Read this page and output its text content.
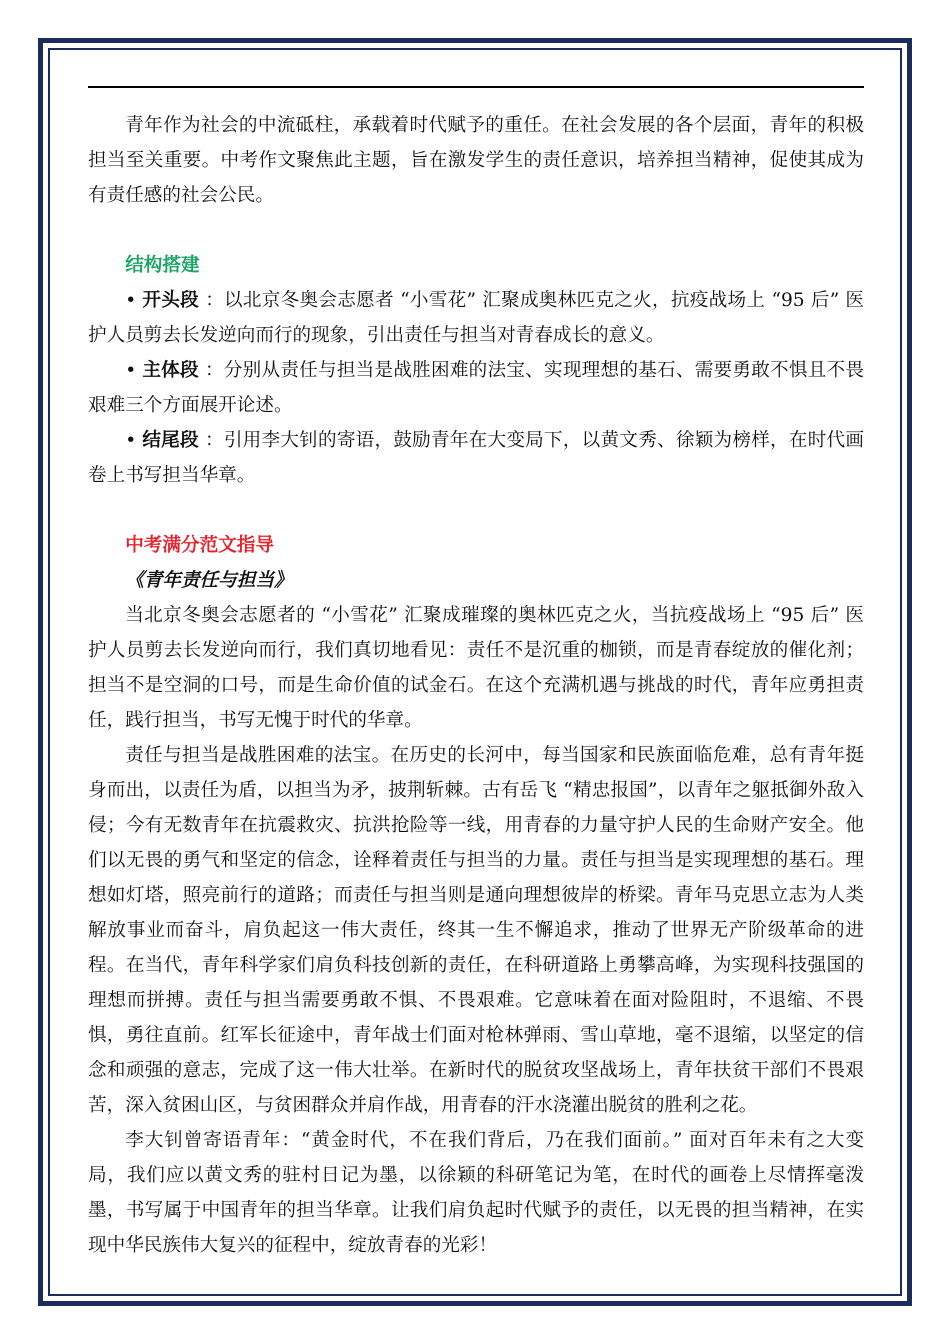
青年作为社会的中流砥柱，承载着时代赋予的重任。在社会发展的各个层面，青年的积极担当至关重要。中考作文聚焦此主题，旨在激发学生的责任意识，培养担当精神，促使其成为有责任感的社会公民。

结构搭建

• 开头段 ：以北京冬奥会志愿者 “小雪花” 汇聚成奥林匹克之火，抗疫战场上 “95 后” 医护人员剪去长发逆向而行的现象，引出责任与担当对青春成长的意义。

• 主体段 ：分别从责任与担当是战胜困难的法宝、实现理想的基石、需要勇敢不惧且不畏艰难三个方面展开论述。

• 结尾段 ：引用李大钊的寄语，鼓励青年在大变局下，以黄文秀、徐颖为榜样，在时代画卷上书写担当华章。

中考满分范文指导

《青年责任与担当》

当北京冬奥会志愿者的 “小雪花” 汇聚成璀璨的奥林匹克之火，当抗疫战场上 “95 后” 医护人员剪去长发逆向而行，我们真切地看见：责任不是沉重的枷锁，而是青春绽放的催化剂；担当不是空洞的口号，而是生命价值的试金石。在这个充满机遇与挑战的时代，青年应勇担责任，践行担当，书写无愧于时代的华章。

责任与担当是战胜困难的法宝。在历史的长河中，每当国家和民族面临危难，总有青年挺身而出，以责任为盾，以担当为矛，披荆斩棘。古有岳飞 “精忠报国”，以青年之躯抵御外敌入侵；今有无数青年在抗震救灾、抗洪抢险等一线，用青春的力量守护人民的生命财产安全。他们以无畏的勇气和坚定的信念，诠释着责任与担当的力量。责任与担当是实现理想的基石。理想如灯塔，照亮前行的道路；而责任与担当则是通向理想彼岸的桥梁。青年马克思立志为人类解放事业而奋斗，肩负起这一伟大责任，终其一生不懈追求，推动了世界无产阶级革命的进程。在当代，青年科学家们肩负科技创新的责任，在科研道路上勇攀高峰，为实现科技强国的理想而拼搏。责任与担当需要勇敢不惧、不畏艰难。它意味着在面对险阻时，不退缩、不畏惧，勇往直前。红军长征途中，青年战士们面对枪林弹雨、雪山草地，毫不退缩，以坚定的信念和顽强的意志，完成了这一伟大壮举。在新时代的脱贫攻坚战场上，青年扶贫干部们不畏艰苦，深入贫困山区，与贫困群众并肩作战，用青春的汗水浇灌出脱贫的胜利之花。

李大钊曾寄语青年：“黄金时代，不在我们背后，乃在我们面前。” 面对百年未有之大变局，我们应以黄文秀的驻村日记为墨，以徐颖的科研笔记为笔，在时代的画卷上尽情挥毫泼墨，书写属于中国青年的担当华章。让我们肩负起时代赋予的责任，以无畏的担当精神，在实现中华民族伟大复兴的征程中，绽放青春的光彩！
